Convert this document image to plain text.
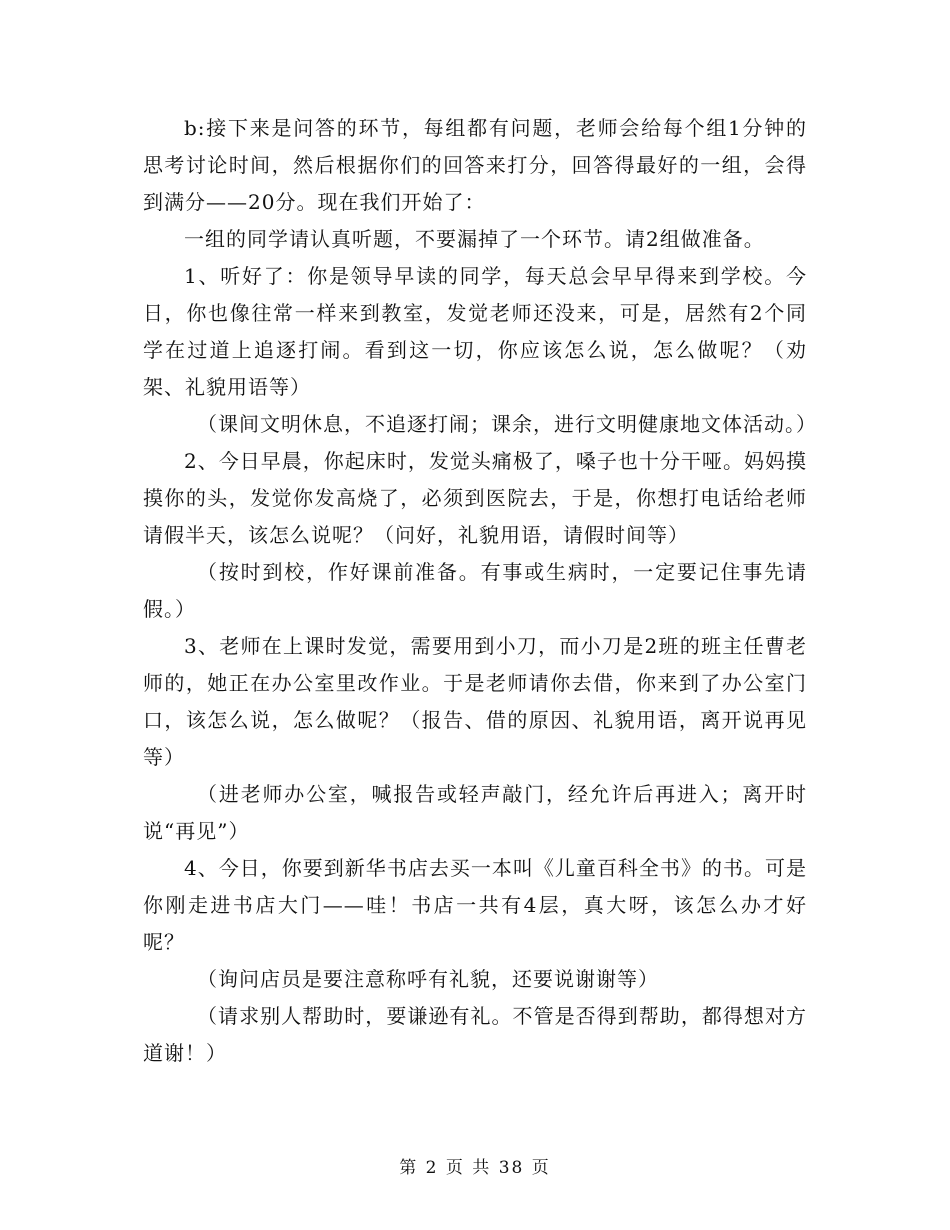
b:接下来是问答的环节，每组都有问题，老师会给每个组1分钟的思考讨论时间，然后根据你们的回答来打分，回答得最好的一组，会得到满分——20分。现在我们开始了：

一组的同学请认真听题，不要漏掉了一个环节。请2组做准备。

1、听好了：你是领导早读的同学，每天总会早早得来到学校。今日，你也像往常一样来到教室，发觉老师还没来，可是，居然有2个同学在过道上追逐打闹。看到这一切，你应该怎么说，怎么做呢？（劝架、礼貌用语等）

（课间文明休息，不追逐打闹；课余，进行文明健康地文体活动。）

2、今日早晨，你起床时，发觉头痛极了，嗓子也十分干哑。妈妈摸摸你的头，发觉你发高烧了，必须到医院去，于是，你想打电话给老师请假半天，该怎么说呢？（问好，礼貌用语，请假时间等）

（按时到校，作好课前准备。有事或生病时，一定要记住事先请假。）

3、老师在上课时发觉，需要用到小刀，而小刀是2班的班主任曹老师的，她正在办公室里改作业。于是老师请你去借，你来到了办公室门口，该怎么说，怎么做呢？（报告、借的原因、礼貌用语，离开说再见等）

（进老师办公室，喊报告或轻声敲门，经允许后再进入；离开时说“再见”）

4、今日，你要到新华书店去买一本叫《儿童百科全书》的书。可是你刚走进书店大门——哇！书店一共有4层，真大呀，该怎么办才好呢？

（询问店员是要注意称呼有礼貌，还要说谢谢等）

（请求别人帮助时，要谦逊有礼。不管是否得到帮助，都得想对方道谢！）

第 2 页 共 38 页
